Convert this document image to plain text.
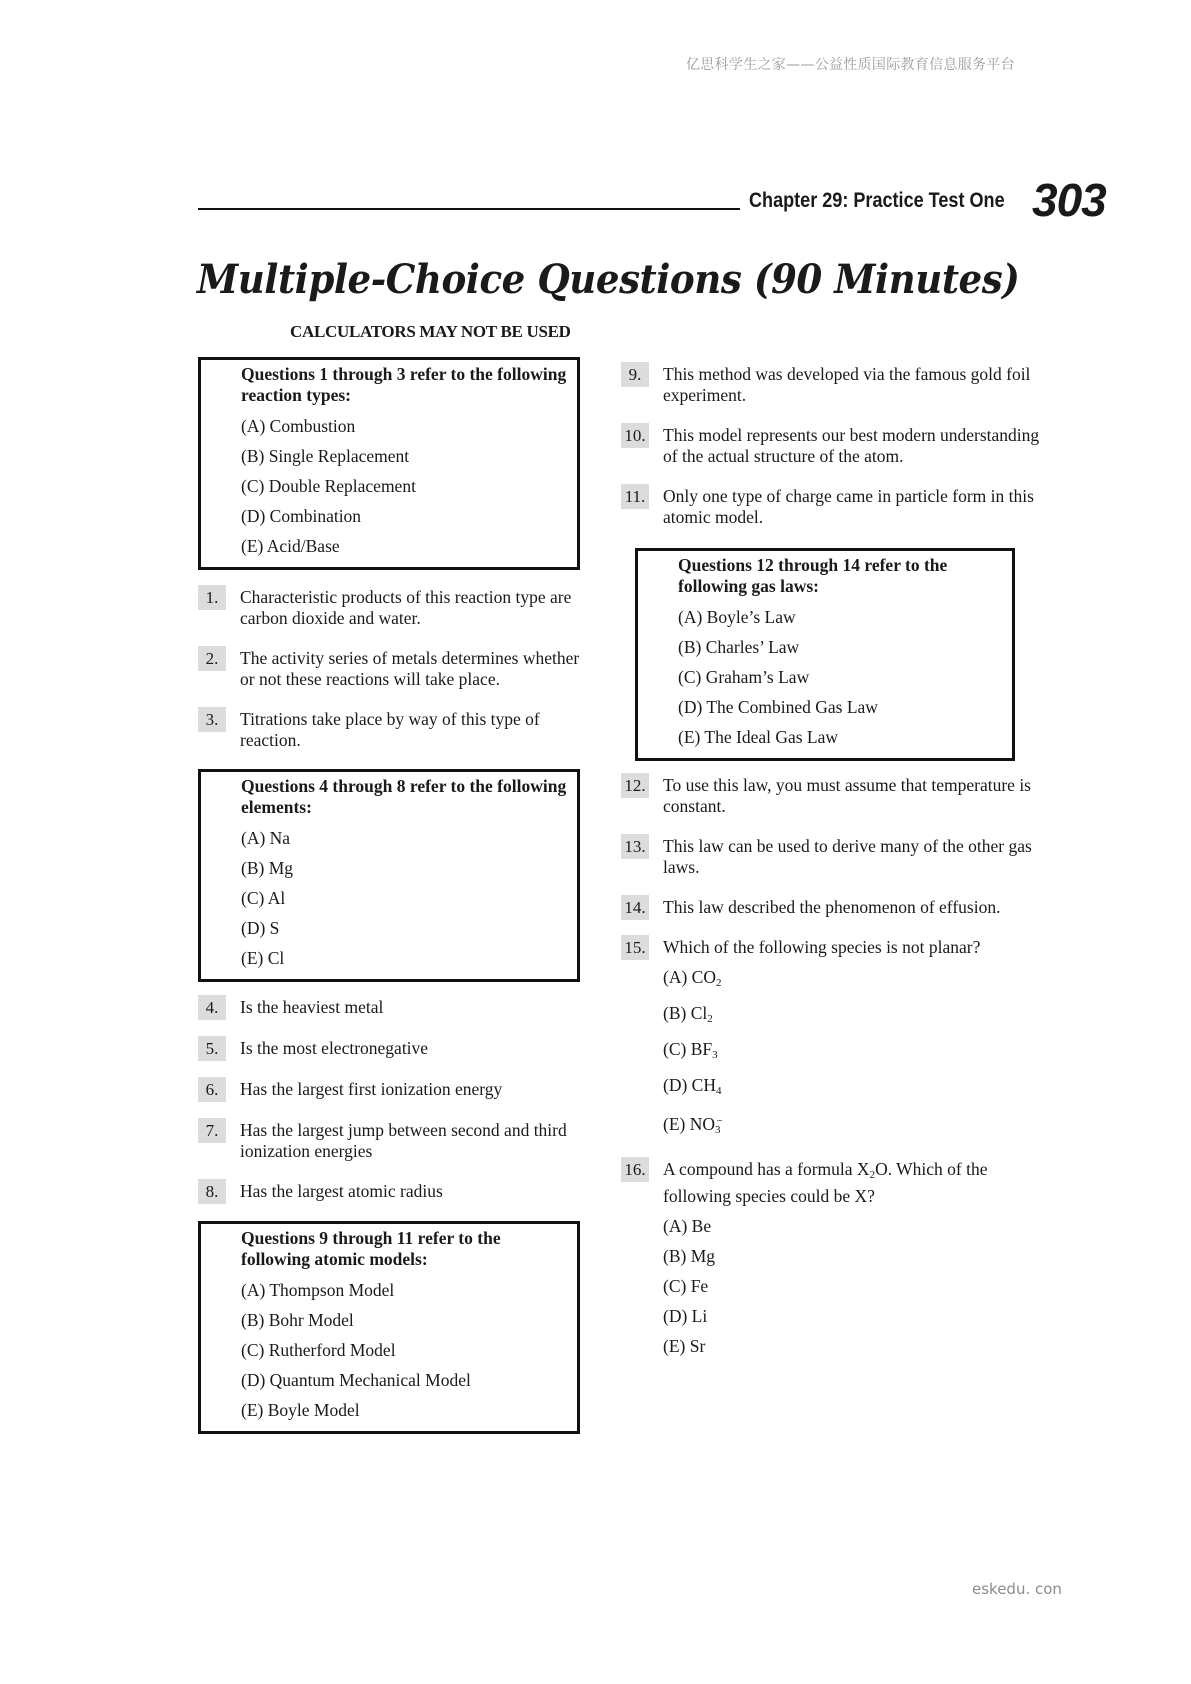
亿思科学生之家——公益性质国际教育信息服务平台
Chapter 29: Practice Test One 303
Multiple-Choice Questions (90 Minutes)
CALCULATORS MAY NOT BE USED
Questions 1 through 3 refer to the following reaction types:
(A) Combustion
(B) Single Replacement
(C) Double Replacement
(D) Combination
(E) Acid/Base
1.	Characteristic products of this reaction type are carbon dioxide and water.
2.	The activity series of metals determines whether or not these reactions will take place.
3.	Titrations take place by way of this type of reaction.
Questions 4 through 8 refer to the following elements:
(A) Na
(B) Mg
(C) Al
(D) S
(E) Cl
4.	Is the heaviest metal
5.	Is the most electronegative
6.	Has the largest first ionization energy
7.	Has the largest jump between second and third ionization energies
8.	Has the largest atomic radius
Questions 9 through 11 refer to the following atomic models:
(A) Thompson Model
(B) Bohr Model
(C) Rutherford Model
(D) Quantum Mechanical Model
(E) Boyle Model
9.	This method was developed via the famous gold foil experiment.
10. This model represents our best modern understanding of the actual structure of the atom.
11. Only one type of charge came in particle form in this atomic model.
Questions 12 through 14 refer to the following gas laws:
(A) Boyle’s Law
(B) Charles’ Law
(C) Graham’s Law
(D) The Combined Gas Law
(E) The Ideal Gas Law
12. To use this law, you must assume that temperature is constant.
13. This law can be used to derive many of the other gas laws.
14. This law described the phenomenon of effusion.
15. Which of the following species is not planar?
(A) $CO_2$
(B) $Cl_2$
(C) $BF_3$
(D) $CH_4$
(E) $NO_3^-$
16. A compound has a formula $X_2O$. Which of the following species could be X?
(A) Be
(B) Mg
(C) Fe
(D) Li
(E) Sr
eskedu. con
